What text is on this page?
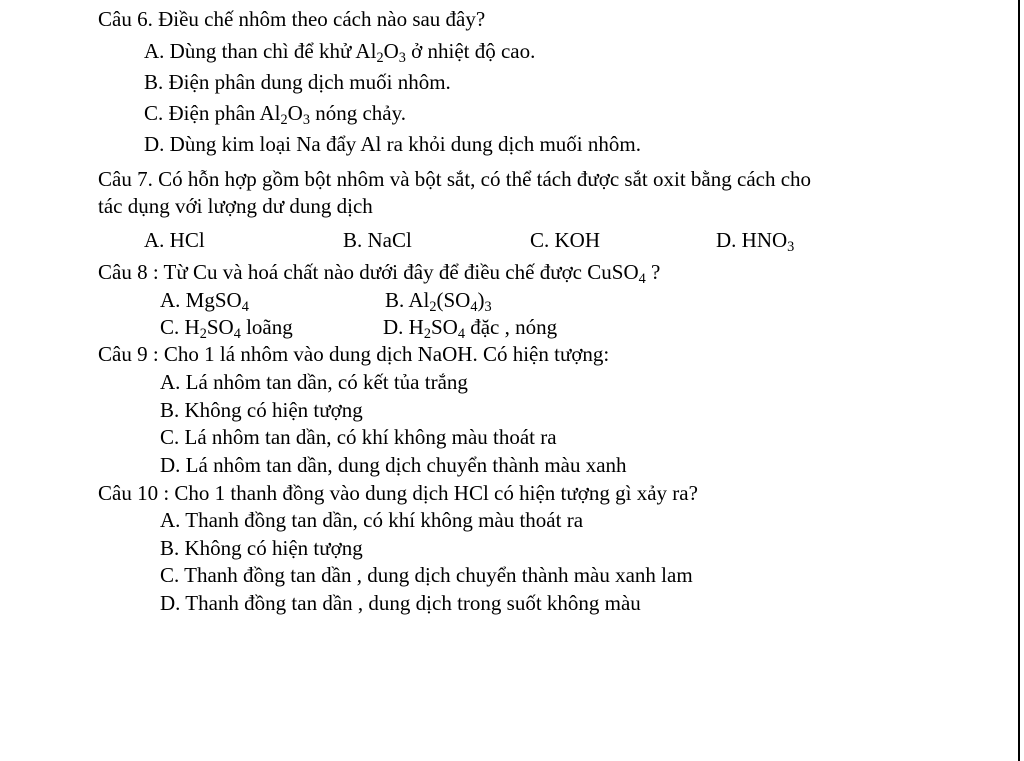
Câu 6. Điều chế nhôm theo cách nào sau đây?
A. Dùng than chì để khử $Al_2O_3$ ở nhiệt độ cao.
B. Điện phân dung dịch muối nhôm.
C. Điện phân $Al_2O_3$ nóng chảy.
D. Dùng kim loại Na đẩy Al ra khỏi dung dịch muối nhôm.
Câu 7. Có hỗn hợp gồm bột nhôm và bột sắt, có thể tách được sắt oxit bằng cách cho
tác dụng với lượng dư dung dịch
A. HCl	B. NaCl	C. KOH	D. $HNO_3$
Câu 8 : Từ Cu và hoá chất nào dưới đây để điều chế được CuSO$_4$ ?
A. MgSO$_4$	B. $Al_2(SO_4)_3$
C. $H_2SO_4$ loãng	D. $H_2SO_4$ đặc , nóng
Câu 9 : Cho 1 lá nhôm vào dung dịch NaOH. Có hiện tượng:
A. Lá nhôm tan dần, có kết tủa trắng
B. Không có hiện tượng
C. Lá nhôm tan dần, có khí không màu thoát ra
D. Lá nhôm tan dần, dung dịch chuyển thành màu xanh
Câu 10 : Cho 1 thanh đồng vào dung dịch HCl có hiện tượng gì xảy ra?
A. Thanh đồng tan dần, có khí không màu thoát ra
B. Không có hiện tượng
C. Thanh đồng tan dần , dung dịch chuyển thành màu xanh lam
D. Thanh đồng tan dần , dung dịch trong suốt không màu
